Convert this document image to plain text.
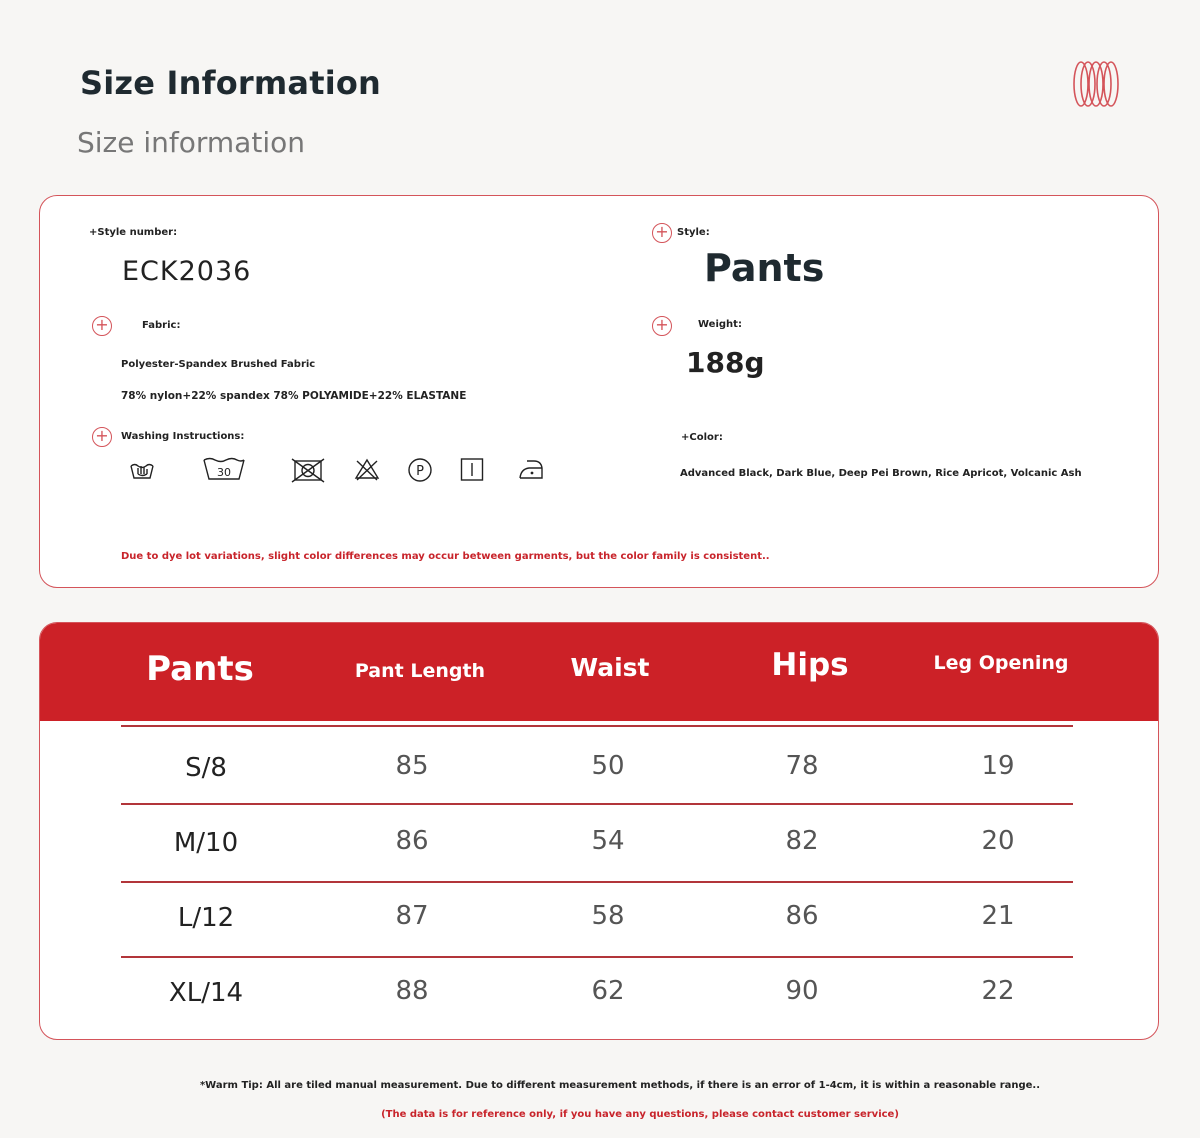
Size Information
Size information
+Style number:
ECK2036
+ Style:
Pants
+	Fabric:
Polyester-Spandex Brushed Fabric
78% nylon+22% spandex 78% POLYAMIDE+22% ELASTANE
+	Weight:
188g
+	Washing Instructions:	+Color:
Advanced Black, Dark Blue, Deep Pei Brown, Rice Apricot, Volcanic Ash
30	P
Due to dye lot variations, slight color differences may occur between garments, but the color family is consistent..
Pants	Pant Length	Waist	Hips	Leg Opening
S/8	85	50	78	19
M/10	86	54	82	20
L/12	87	58	86	21
XL/14	88	62	90	22
*Warm Tip: All are tiled manual measurement. Due to different measurement methods, if there is an error of 1-4cm, it is within a reasonable range..
(The data is for reference only, if you have any questions, please contact customer service)
